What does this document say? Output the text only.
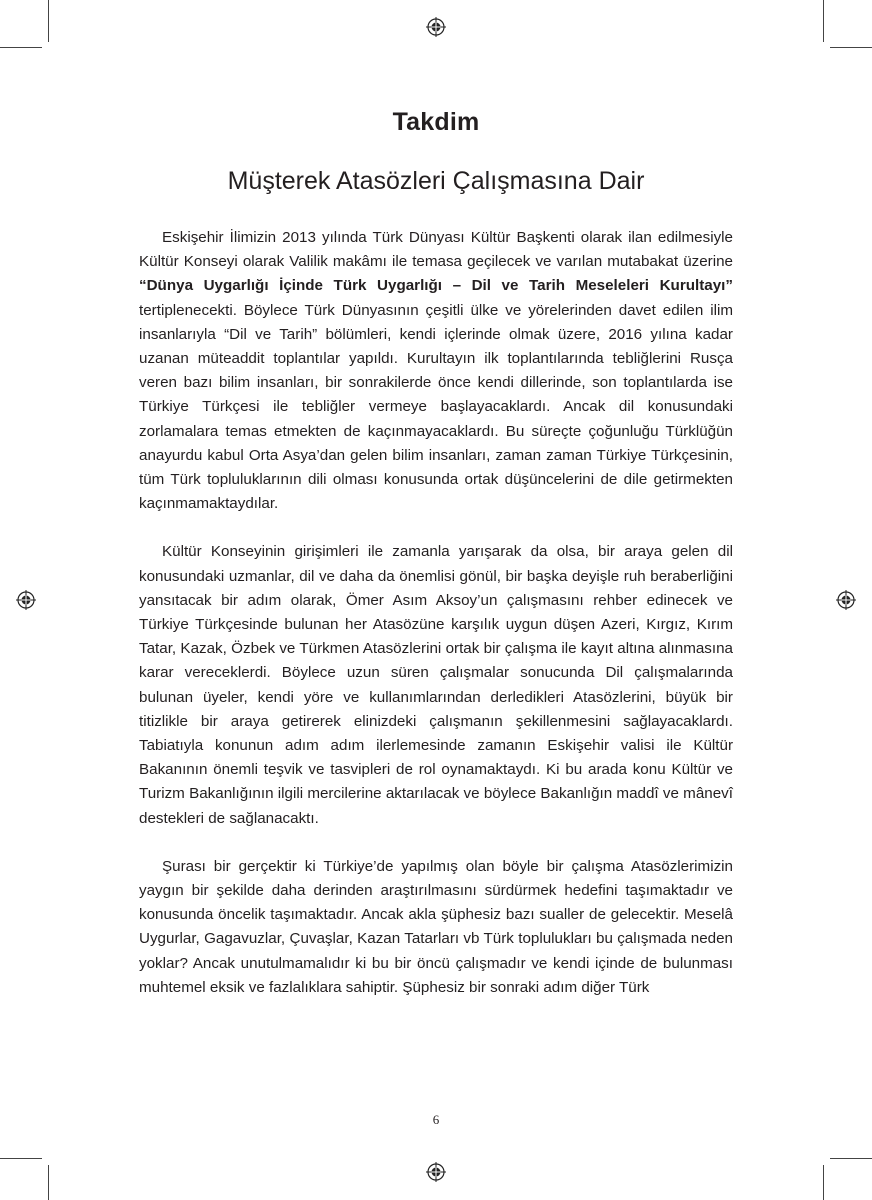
Takdim
Müşterek Atasözleri Çalışmasına Dair

Eskişehir İlimizin 2013 yılında Türk Dünyası Kültür Başkenti olarak ilan edilmesiyle Kültür Konseyi olarak Valilik makâmı ile temasa geçilecek ve varılan mutabakat üzerine “Dünya Uygarlığı İçinde Türk Uygarlığı – Dil ve Tarih Meseleleri Kurultayı” tertiplenecekti. Böylece Türk Dünyasının çeşitli ülke ve yörelerinden davet edilen ilim insanlarıyla “Dil ve Tarih” bölümleri, kendi içlerinde olmak üzere, 2016 yılına kadar uzanan müteaddit toplantılar yapıldı. Kurultayın ilk toplantılarında tebliğlerini Rusça veren bazı bilim insanları, bir sonrakilerde önce kendi dillerinde, son toplantılarda ise Türkiye Türkçesi ile tebliğler vermeye başlayacaklardı. Ancak dil konusundaki zorlamalara temas etmekten de kaçınmayacaklardı. Bu süreçte çoğunluğu Türklüğün anayurdu kabul Orta Asya’dan gelen bilim insanları, zaman zaman Türkiye Türkçesinin, tüm Türk topluluklarının dili olması konusunda ortak düşüncelerini de dile getirmekten kaçınmamaktaydılar.

Kültür Konseyinin girişimleri ile zamanla yarışarak da olsa, bir araya gelen dil konusundaki uzmanlar, dil ve daha da önemlisi gönül, bir başka deyişle ruh beraberliğini yansıtacak bir adım olarak, Ömer Asım Aksoy’un çalışmasını rehber edinecek ve Türkiye Türkçesinde bulunan her Atasözüne karşılık uygun düşen Azeri, Kırgız, Kırım Tatar, Kazak, Özbek ve Türkmen Atasözlerini ortak bir çalışma ile kayıt altına alınmasına karar vereceklerdi. Böylece uzun süren çalışmalar sonucunda Dil çalışmalarında bulunan üyeler, kendi yöre ve kullanımlarından derledikleri Atasözlerini, büyük bir titizlikle bir araya getirerek elinizdeki çalışmanın şekillenmesini sağlayacaklardı. Tabiatıyla konunun adım adım ilerlemesinde zamanın Eskişehir valisi ile Kültür Bakanının önemli teşvik ve tasvipleri de rol oynamaktaydı. Ki bu arada konu Kültür ve Turizm Bakanlığının ilgili mercilerine aktarılacak ve böylece Bakanlığın maddî ve mânevî destekleri de sağlanacaktı.

Şurası bir gerçektir ki Türkiye’de yapılmış olan böyle bir çalışma Atasözlerimizin yaygın bir şekilde daha derinden araştırılmasını sürdürmek hedefini taşımaktadır ve konusunda öncelik taşımaktadır. Ancak akla şüphesiz bazı sualler de gelecektir. Meselâ Uygurlar, Gagavuzlar, Çuvaşlar, Kazan Tatarları vb Türk toplulukları bu çalışmada neden yoklar? Ancak unutulmamalıdır ki bu bir öncü çalışmadır ve kendi içinde de bulunması muhtemel eksik ve fazlalıklara sahiptir. Şüphesiz bir sonraki adım diğer Türk

6
